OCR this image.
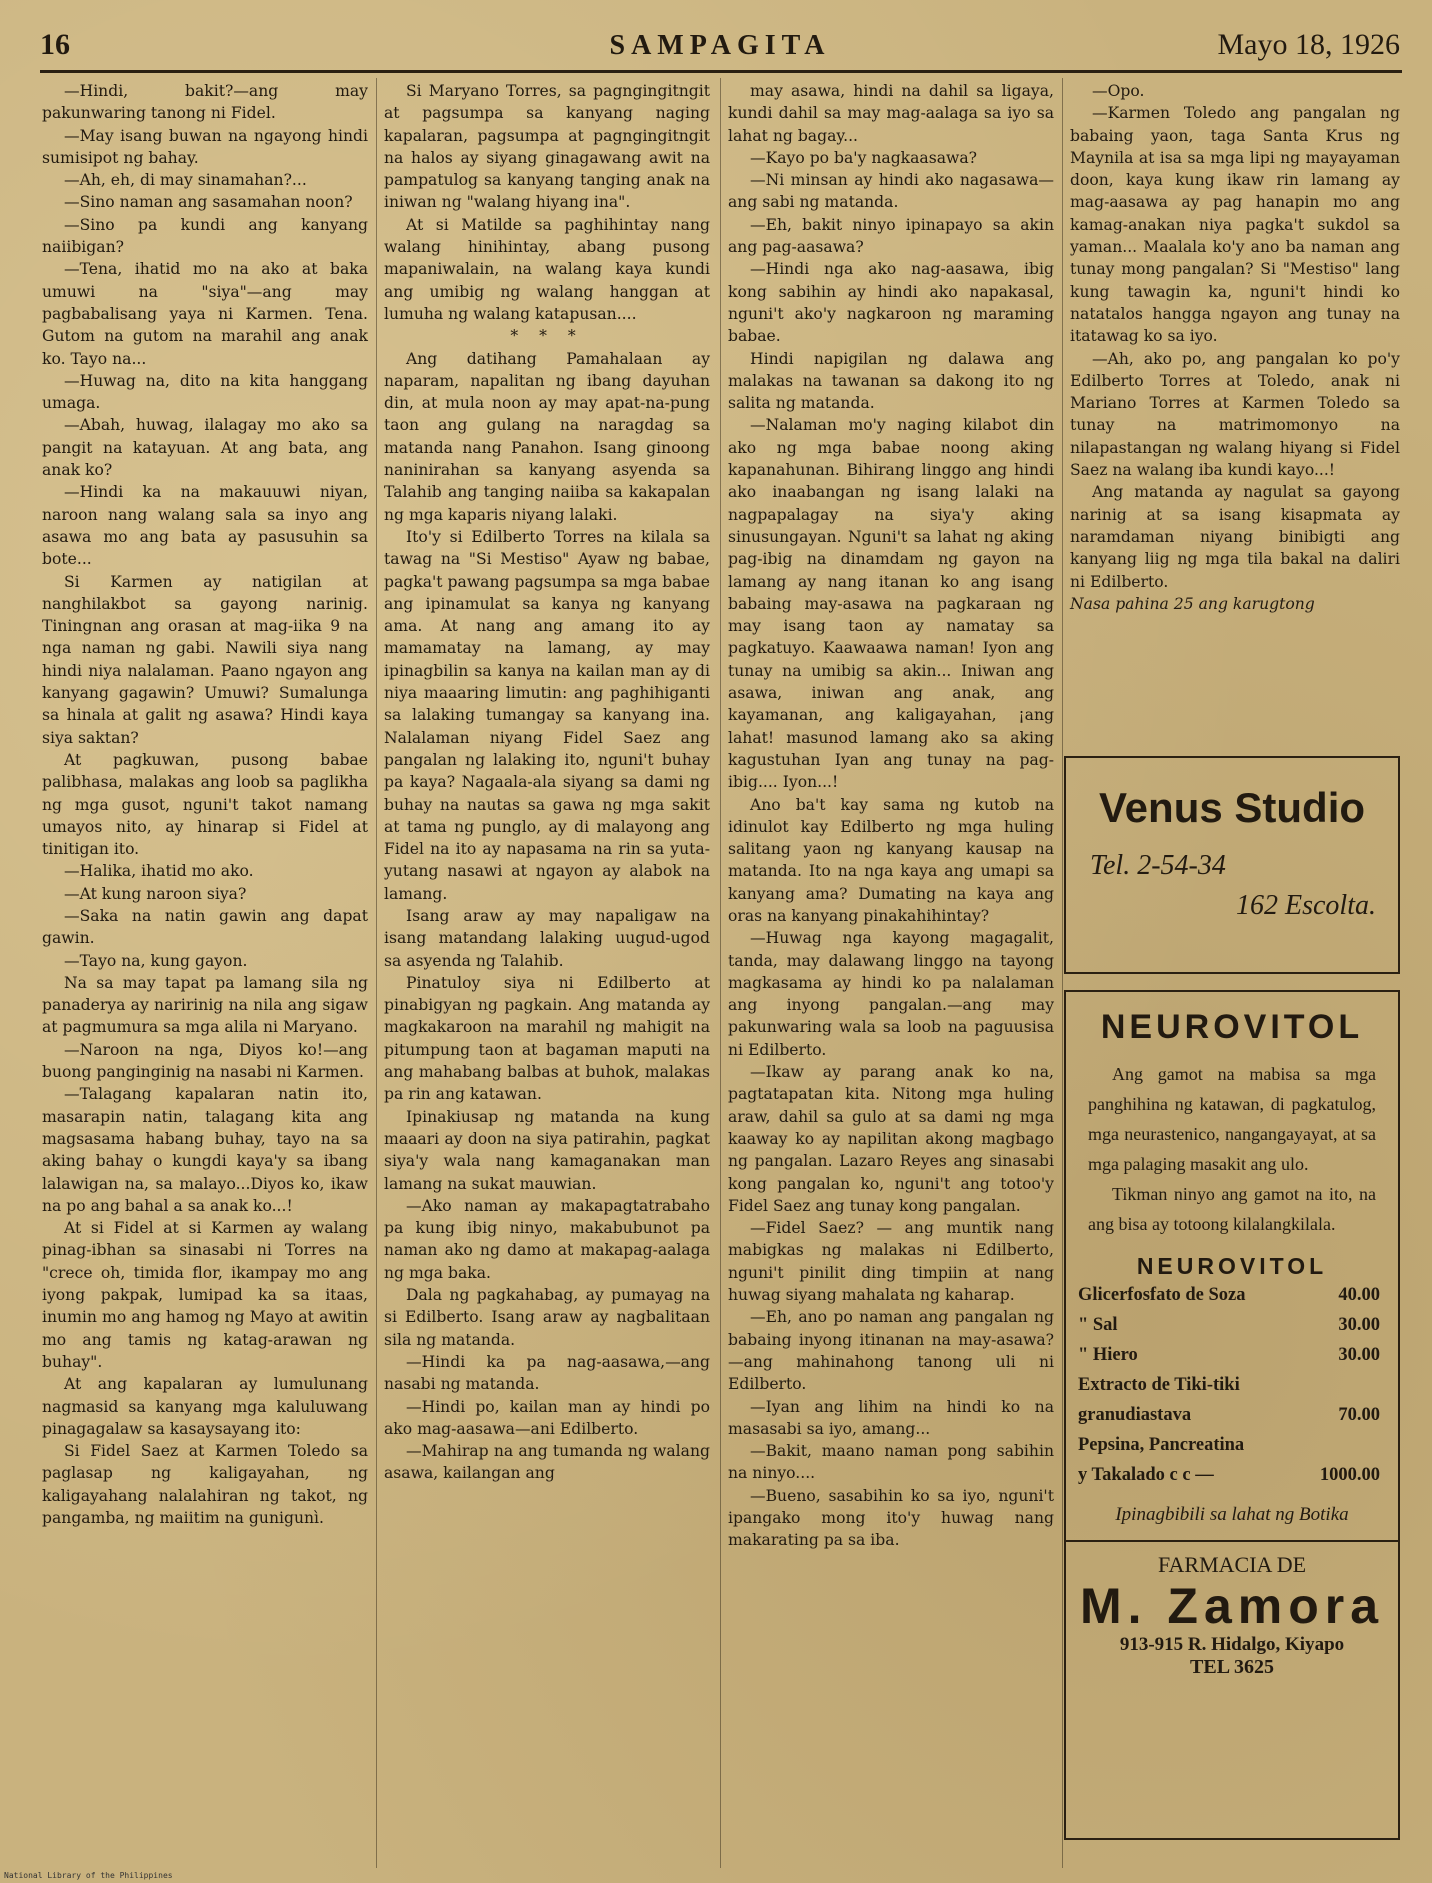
16	SAMPAGITA	Mayo 18, 1926

—Hindi, bakit?—ang may pakunwaring tanong ni Fidel.

—May isang buwan na ngayong hindi sumisipot ng bahay.

—Ah, eh, di may sinamahan?...

—Sino naman ang sasamahan noon?

—Sino pa kundi ang kanyang naiibigan?

—Tena, ihatid mo na ako at baka umuwi na "siya"—ang may pagbabalisang yaya ni Karmen. Tena. Gutom na gutom na marahil ang anak ko. Tayo na...

—Huwag na, dito na kita hanggang umaga.

—Abah, huwag, ilalagay mo ako sa pangit na katayuan. At ang bata, ang anak ko?

—Hindi ka na makauuwi niyan, naroon nang walang sala sa inyo ang asawa mo ang bata ay pasusuhin sa bote...

Si Karmen ay natigilan at nanghilakbot sa gayong narinig. Tiningnan ang orasan at mag-iika 9 na nga naman ng gabi. Nawili siya nang hindi niya nalalaman. Paano ngayon ang kanyang gagawin? Umuwi? Sumalunga sa hinala at galit ng asawa? Hindi kaya siya saktan?

At pagkuwan, pusong babae palibhasa, malakas ang loob sa paglikha ng mga gusot, nguni't takot namang umayos nito, ay hinarap si Fidel at tinitigan ito.

—Halika, ihatid mo ako.

—At kung naroon siya?

—Saka na natin gawin ang dapat gawin.

—Tayo na, kung gayon.

Na sa may tapat pa lamang sila ng panaderya ay naririnig na nila ang sigaw at pagmumura sa mga alila ni Maryano.

—Naroon na nga, Diyos ko!—ang buong panginginig na nasabi ni Karmen.

—Talagang kapalaran natin ito, masarapin natin, talagang kita ang magsasama habang buhay, tayo na sa aking bahay o kungdi kaya'y sa ibang lalawigan na, sa malayo...Diyos ko, ikaw na po ang bahal a sa anak ko...!

At si Fidel at si Karmen ay walang pinag-ibhan sa sinasabi ni Torres na "crece oh, timida flor, ikampay mo ang iyong pakpak, lumipad ka sa itaas, inumin mo ang hamog ng Mayo at awitin mo ang tamis ng katag-arawan ng buhay".

At ang kapalaran ay lumulunang nagmasid sa kanyang mga kaluluwang pinagagalaw sa kasaysayang ito:

Si Fidel Saez at Karmen Toledo sa paglasap ng kaligayahan, ng kaligayahang nalalahiran ng takot, ng pangamba, ng maiitim na gunigunì.

Si Maryano Torres, sa pagngingitngit at pagsumpa sa kanyang naging kapalaran, pagsumpa at pagngingitngit na halos ay siyang ginagawang awit na pampatulog sa kanyang tanging anak na iniwan ng "walang hiyang ina".

At si Matilde sa paghihintay nang walang hinihintay, abang pusong mapaniwalain, na walang kaya kundi ang umibig ng walang hanggan at lumuha ng walang katapusan....

* * *

Ang datihang Pamahalaan ay naparam, napalitan ng ibang dayuhan din, at mula noon ay may apat-na-pung taon ang gulang na naragdag sa matanda nang Panahon. Isang ginoong naninirahan sa kanyang asyenda sa Talahib ang tanging naiiba sa kakapalan ng mga kaparis niyang lalaki.

Ito'y si Edilberto Torres na kilala sa tawag na "Si Mestiso" Ayaw ng babae, pagka't pawang pagsumpa sa mga babae ang ipinamulat sa kanya ng kanyang ama. At nang ang amang ito ay mamamatay na lamang, ay may ipinagbilin sa kanya na kailan man ay di niya maaaring limutin: ang paghihiganti sa lalaking tumangay sa kanyang ina. Nalalaman niyang Fidel Saez ang pangalan ng lalaking ito, nguni't buhay pa kaya? Nagaala-ala siyang sa dami ng buhay na nautas sa gawa ng mga sakit at tama ng punglo, ay di malayong ang Fidel na ito ay napasama na rin sa yuta-yutang nasawi at ngayon ay alabok na lamang.

Isang araw ay may napaligaw na isang matandang lalaking uugud-ugod sa asyenda ng Talahib.

Pinatuloy siya ni Edilberto at pinabigyan ng pagkain. Ang matanda ay magkakaroon na marahil ng mahigit na pitumpung taon at bagaman maputi na ang mahabang balbas at buhok, malakas pa rin ang katawan.

Ipinakiusap ng matanda na kung maaari ay doon na siya patirahin, pagkat siya'y wala nang kamaganakan man lamang na sukat mauwian.

—Ako naman ay makapagtatrabaho pa kung ibig ninyo, makabubunot pa naman ako ng damo at makapag-aalaga ng mga baka.

Dala ng pagkahabag, ay pumayag na si Edilberto. Isang araw ay nagbalitaan sila ng matanda.

—Hindi ka pa nag-aasawa,—ang nasabi ng matanda.

—Hindi po, kailan man ay hindi po ako mag-aasawa—ani Edilberto.

—Mahirap na ang tumanda ng walang asawa, kailangan ang

may asawa, hindi na dahil sa ligaya, kundi dahil sa may mag-aalaga sa iyo sa lahat ng bagay...

—Kayo po ba'y nagkaasawa?

—Ni minsan ay hindi ako nagasawa—ang sabi ng matanda.

—Eh, bakit ninyo ipinapayo sa akin ang pag-aasawa?

—Hindi nga ako nag-aasawa, ibig kong sabihin ay hindi ako napakasal, nguni't ako'y nagkaroon ng maraming babae.

Hindi napigilan ng dalawa ang malakas na tawanan sa dakong ito ng salita ng matanda.

—Nalaman mo'y naging kilabot din ako ng mga babae noong aking kapanahunan. Bihirang linggo ang hindi ako inaabangan ng isang lalaki na nagpapalagay na siya'y aking sinusungayan. Nguni't sa lahat ng aking pag-ibig na dinamdam ng gayon na lamang ay nang itanan ko ang isang babaing may-asawa na pagkaraan ng may isang taon ay namatay sa pagkatuyo. Kaawaawa naman! Iyon ang tunay na umibig sa akin... Iniwan ang asawa, iniwan ang anak, ang kayamanan, ang kaligayahan, ¡ang lahat! masunod lamang ako sa aking kagustuhan Iyan ang tunay na pag-ibig.... Iyon...!

Ano ba't kay sama ng kutob na idinulot kay Edilberto ng mga huling salitang yaon ng kanyang kausap na matanda. Ito na nga kaya ang umapi sa kanyang ama? Dumating na kaya ang oras na kanyang pinakahihintay?

—Huwag nga kayong magagalit, tanda, may dalawang linggo na tayong magkasama ay hindi ko pa nalalaman ang inyong pangalan.—ang may pakunwaring wala sa loob na paguusisa ni Edilberto.

—Ikaw ay parang anak ko na, pagtatapatan kita. Nitong mga huling araw, dahil sa gulo at sa dami ng mga kaaway ko ay napilitan akong magbago ng pangalan. Lazaro Reyes ang sinasabi kong pangalan ko, nguni't ang totoo'y Fidel Saez ang tunay kong pangalan.

—Fidel Saez? — ang muntik nang mabigkas ng malakas ni Edilberto, nguni't pinilit ding timpiin at nang huwag siyang mahalata ng kaharap.

—Eh, ano po naman ang pangalan ng babaing inyong itinanan na may-asawa?—ang mahinahong tanong uli ni Edilberto.

—Iyan ang lihim na hindi ko na masasabi sa iyo, amang...

—Bakit, maano naman pong sabihin na ninyo....

—Bueno, sasabihin ko sa iyo, nguni't ipangako mong ito'y huwag nang makarating pa sa iba.

—Opo.

—Karmen Toledo ang pangalan ng babaing yaon, taga Santa Krus ng Maynila at isa sa mga lipi ng mayayaman doon, kaya kung ikaw rin lamang ay mag-aasawa ay pag hanapin mo ang kamag-anakan niya pagka't sukdol sa yaman... Maalala ko'y ano ba naman ang tunay mong pangalan? Si "Mestiso" lang kung tawagin ka, nguni't hindi ko natatalos hangga ngayon ang tunay na itatawag ko sa iyo.

—Ah, ako po, ang pangalan ko po'y Edilberto Torres at Toledo, anak ni Mariano Torres at Karmen Toledo sa tunay na matrimomonyo na nilapastangan ng walang hiyang si Fidel Saez na walang iba kundi kayo...!

Ang matanda ay nagulat sa gayong narinig at sa isang kisapmata ay naramdaman niyang binibigti ang kanyang liig ng mga tila bakal na daliri ni Edilberto.

Nasa pahina 25 ang karugtong

Venus Studio
Tel. 2-54-34
162 Escolta.
NEUROVITOL

Ang gamot na mabisa sa mga panghihina ng katawan, di pagkatulog, mga neurastenico, nangangayayat, at sa mga palaging masakit ang ulo.

Tikman ninyo ang gamot na ito, na ang bisa ay totoong kilalangkilala.

NEUROVITOL
Glicerfosfato de Soza	40.00
" Sal	30.00
" Hiero	30.00
Extracto de Tiki-tiki
granudiastava	70.00
Pepsina, Pancreatina
y Takalado c c —	1000.00
Ipinagbibili sa lahat ng Botika
FARMACIA DE
M. Zamora
913-915 R. Hidalgo, Kiyapo
TEL 3625
National Library of the Philippines
